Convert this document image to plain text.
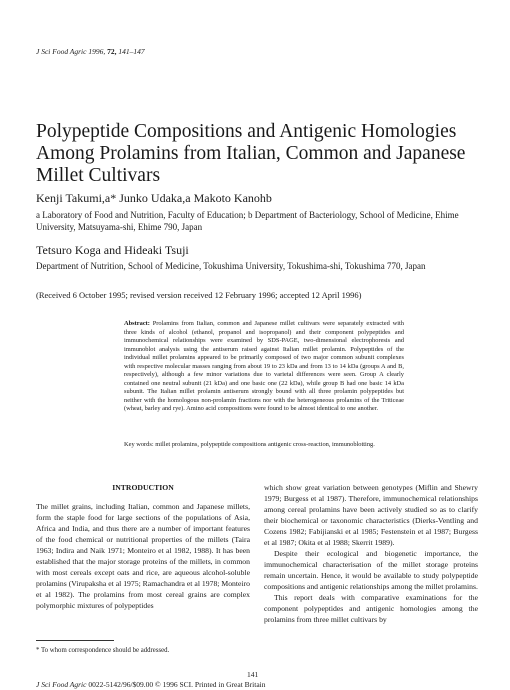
J Sci Food Agric 1996, 72, 141–147
Polypeptide Compositions and Antigenic Homologies Among Prolamins from Italian, Common and Japanese Millet Cultivars
Kenji Takumi,a* Junko Udaka,a Makoto Kanohb
a Laboratory of Food and Nutrition, Faculty of Education; b Department of Bacteriology, School of Medicine, Ehime University, Matsuyama-shi, Ehime 790, Japan
Tetsuro Koga and Hideaki Tsuji
Department of Nutrition, School of Medicine, Tokushima University, Tokushima-shi, Tokushima 770, Japan
(Received 6 October 1995; revised version received 12 February 1996; accepted 12 April 1996)

Abstract: Prolamins from Italian, common and Japanese millet cultivars were separately extracted with three kinds of alcohol (ethanol, propanol and isopropanol) and their component polypeptides and immunochemical relationships were examined by SDS-PAGE, two-dimensional electrophoresis and immunoblot analysis using the antiserum raised against Italian millet prolamin. Polypeptides of the individual millet prolamins appeared to be primarily composed of two major common subunit complexes with respective molecular masses ranging from about 19 to 23 kDa and from 13 to 14 kDa (groups A and B, respectively), although a few minor variations due to varietal differences were seen. Group A clearly contained one neutral subunit (21 kDa) and one basic one (22 kDa), while group B had one basic 14 kDa subunit. The Italian millet prolamin antiserum strongly bound with all three prolamin polypeptides but neither with the homologous non-prolamin fractions nor with the heterogeneous prolamins of the Triticeae (wheat, barley and rye). Amino acid compositions were found to be almost identical to one another.

Key words: millet prolamins, polypeptide compositions antigenic cross-reaction, immunoblotting.
INTRODUCTION

The millet grains, including Italian, common and Japanese millets, form the staple food for large sections of the populations of Asia, Africa and India, and thus there are a number of important features of the food chemical or nutritional properties of the millets (Taira 1963; Indira and Naik 1971; Monteiro et al 1982, 1988). It has been established that the major storage proteins of the millets, in common with most cereals except oats and rice, are aqueous alcohol-soluble prolamins (Virupaksha et al 1975; Ramachandra et al 1978; Monteiro et al 1982). The prolamins from most cereal grains are complex polymorphic mixtures of polypeptides

which show great variation between genotypes (Miflin and Shewry 1979; Burgess et al 1987). Therefore, immunochemical relationships among cereal prolamins have been actively studied so as to clarify their biochemical or taxonomic characteristics (Dierks-Ventling and Cozens 1982; Fabijianski et al 1985; Festenstein et al 1987; Burgess et al 1987; Okita et al 1988; Skerrit 1989).

Despite their ecological and biogenetic importance, the immunochemical characterisation of the millet storage proteins remain uncertain. Hence, it would be available to study polypeptide compositions and antigenic relationships among the millet prolamins.

This report deals with comparative examinations for the component polypeptides and antigenic homologies among the prolamins from three millet cultivars by

* To whom correspondence should be addressed.
141
J Sci Food Agric 0022-5142/96/$09.00 © 1996 SCI. Printed in Great Britain
